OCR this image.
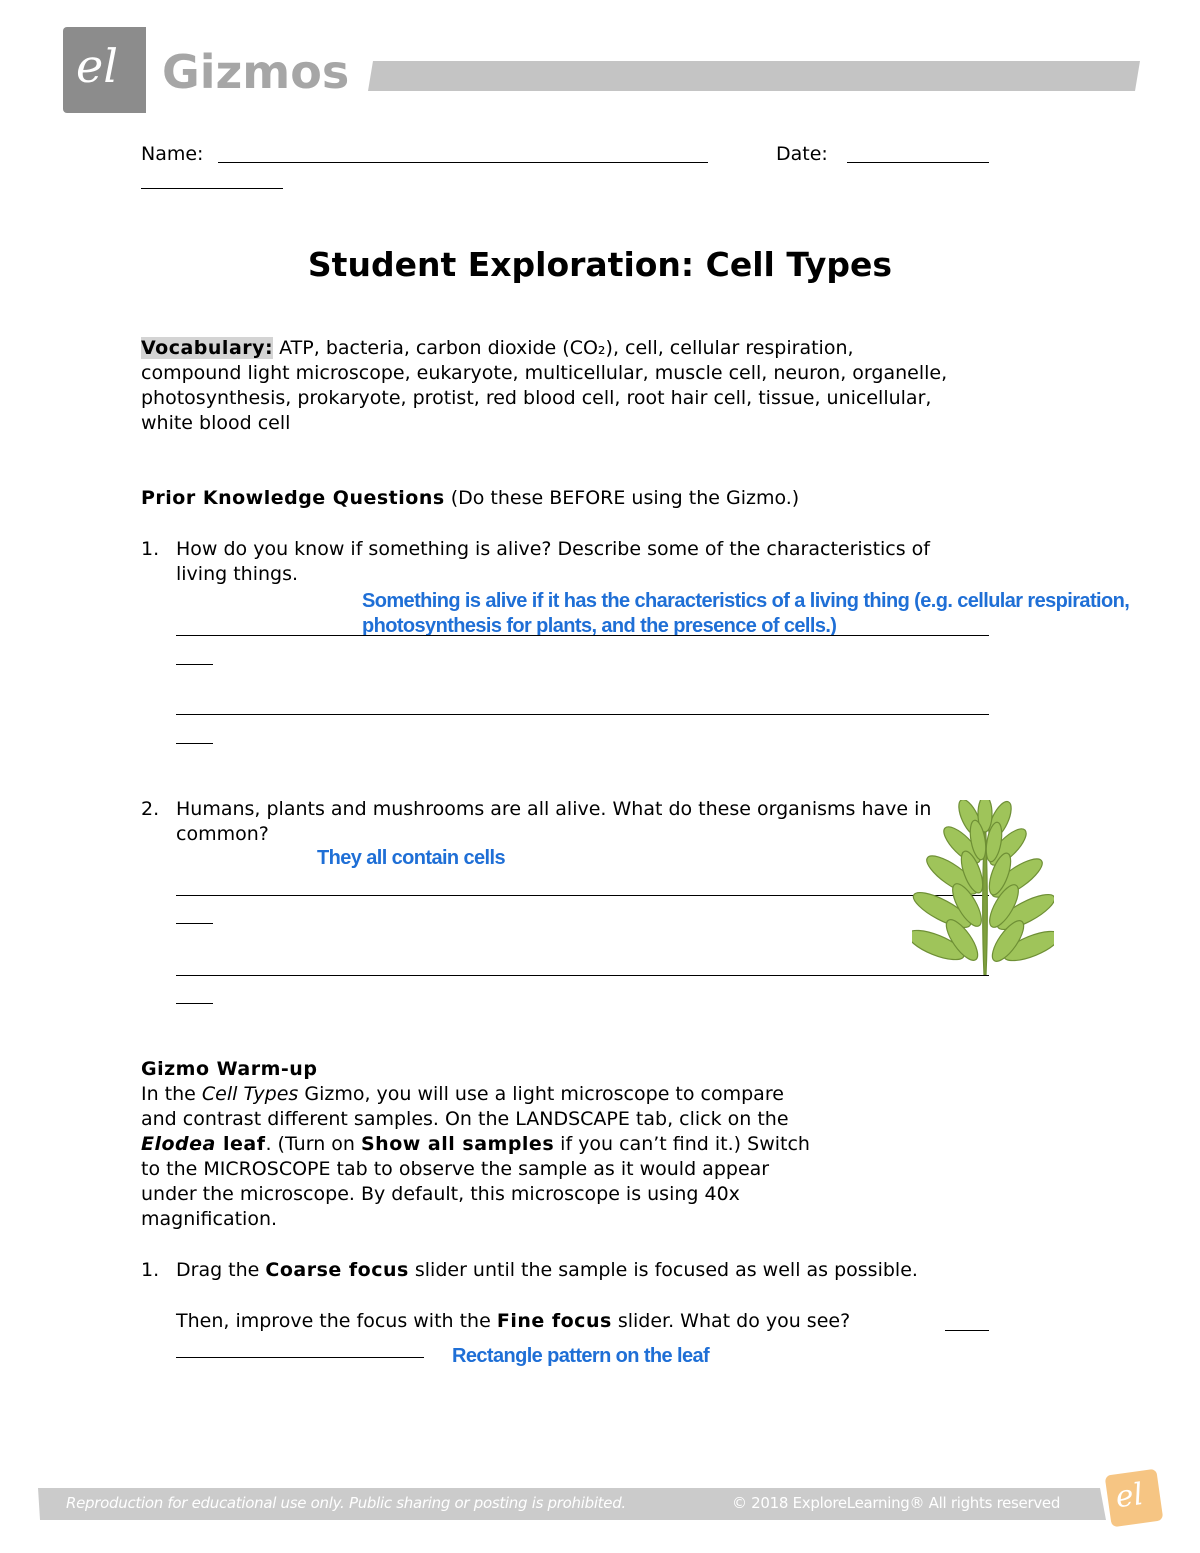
el Gizmos
Name:	Date:
Student Exploration: Cell Types
Vocabulary: ATP, bacteria, carbon dioxide (CO₂), cell, cellular respiration,
compound light microscope, eukaryote, multicellular, muscle cell, neuron, organelle,
photosynthesis, prokaryote, protist, red blood cell, root hair cell, tissue, unicellular,
white blood cell
Prior Knowledge Questions (Do these BEFORE using the Gizmo.)
1. How do you know if something is alive? Describe some of the characteristics of
living things.
Something is alive if it has the characteristics of a living thing (e.g. cellular respiration,
photosynthesis for plants, and the presence of cells.)
2. Humans, plants and mushrooms are all alive. What do these organisms have in
common?
They all contain cells
Gizmo Warm-up
In the Cell Types Gizmo, you will use a light microscope to compare
and contrast different samples. On the LANDSCAPE tab, click on the
Elodea leaf. (Turn on Show all samples if you can’t find it.) Switch
to the MICROSCOPE tab to observe the sample as it would appear
under the microscope. By default, this microscope is using 40x
magnification.
1. Drag the Coarse focus slider until the sample is focused as well as possible.
Then, improve the focus with the Fine focus slider. What do you see?
Rectangle pattern on the leaf
Reproduction for educational use only. Public sharing or posting is prohibited.	© 2018 ExploreLearning® All rights reserved el
